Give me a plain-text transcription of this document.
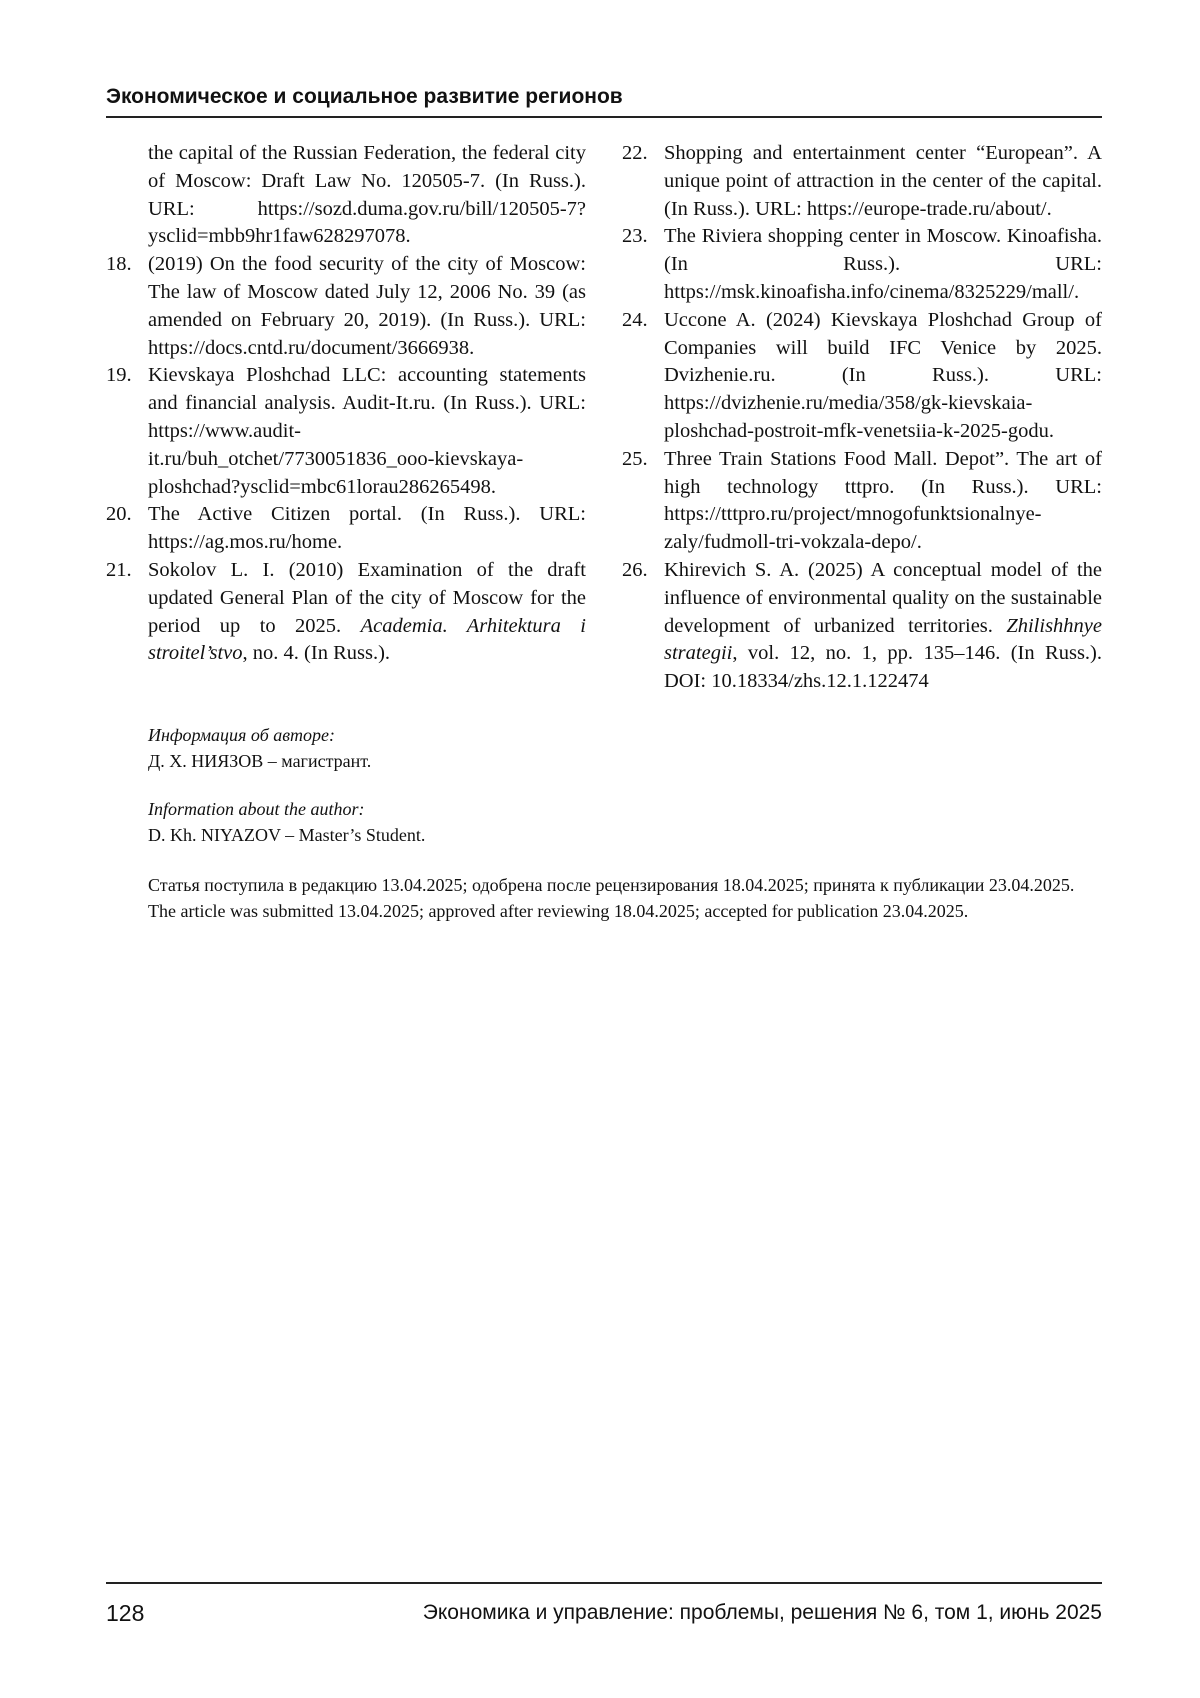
Экономическое и социальное развитие регионов

the capital of the Russian Federation, the federal city of Moscow: Draft Law No. 120505-7. (In Russ.). URL: https://sozd.duma.gov.ru/bill/120505-7?ysclid=mbb9hr1faw628297078.

18. (2019) On the food security of the city of Moscow: The law of Moscow dated July 12, 2006 No. 39 (as amended on February 20, 2019). (In Russ.). URL: https://docs.cntd.ru/document/3666938.
19. Kievskaya Ploshchad LLC: accounting statements and financial analysis. Audit-It.ru. (In Russ.). URL: https://www.audit-it.ru/buh_otchet/7730051836_ooo-kievskaya-ploshchad?ysclid=mbc61lorau286265498.
20. The Active Citizen portal. (In Russ.). URL: https://ag.mos.ru/home.
21. Sokolov L. I. (2010) Examination of the draft updated General Plan of the city of Moscow for the period up to 2025. Academia. Arhitektura i stroitel’stvo, no. 4. (In Russ.).
22. Shopping and entertainment center “European”. A unique point of attraction in the center of the capital. (In Russ.). URL: https://europe-trade.ru/about/.
23. The Riviera shopping center in Moscow. Kinoafisha. (In Russ.). URL: https://msk.kinoafisha.info/cinema/8325229/mall/.
24. Uccone A. (2024) Kievskaya Ploshchad Group of Companies will build IFC Venice by 2025. Dvizhenie.ru. (In Russ.). URL: https://dvizhenie.ru/media/358/gk-kievskaia-ploshchad-postroit-mfk-venetsiia-k-2025-godu.
25. Three Train Stations Food Mall. Depot”. The art of high technology tttpro. (In Russ.). URL: https://tttpro.ru/project/mnogofunktsionalnye-zaly/fudmoll-tri-vokzala-depo/.
26. Khirevich S. A. (2025) A conceptual model of the influence of environmental quality on the sustainable development of urbanized territories. Zhilishhnye strategii, vol. 12, no. 1, pp. 135–146. (In Russ.). DOI: 10.18334/zhs.12.1.122474
Информация об авторе:
Д. Х. НИЯЗОВ – магистрант.
Information about the author:
D. Kh. NIYAZOV – Master’s Student.
Статья поступила в редакцию 13.04.2025; одобрена после рецензирования 18.04.2025; принята к публикации 23.04.2025.
The article was submitted 13.04.2025; approved after reviewing 18.04.2025; accepted for publication 23.04.2025.
128	Экономика и управление: проблемы, решения № 6, том 1, июнь 2025
